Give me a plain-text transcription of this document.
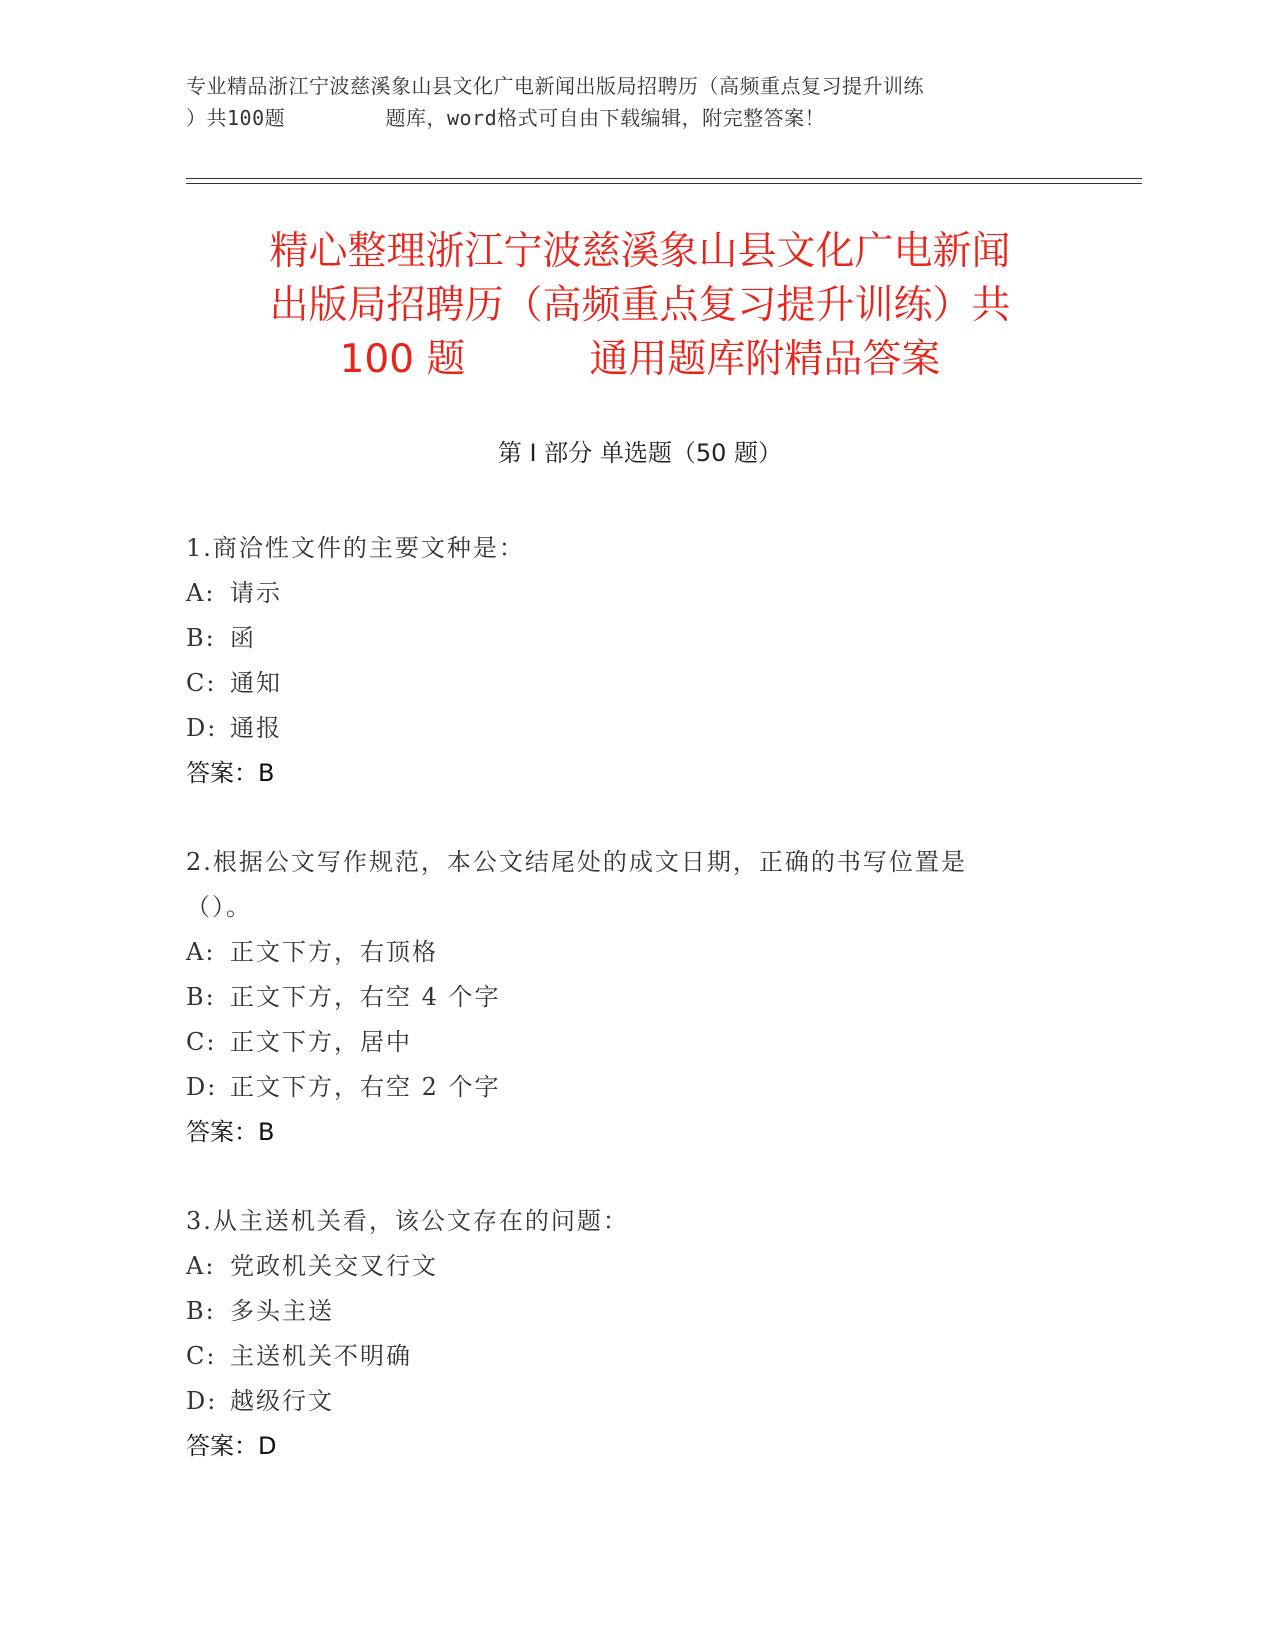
专业精品浙江宁波慈溪象山县文化广电新闻出版局招聘历（高频重点复习提升训练
）共100题        题库，word格式可自由下载编辑，附完整答案！
精心整理浙江宁波慈溪象山县文化广电新闻
出版局招聘历（高频重点复习提升训练）共
100 题          通用题库附精品答案
第 I 部分 单选题（50 题）
1.商洽性文件的主要文种是：
A: 请示
B: 函
C: 通知
D: 通报
答案：B
2.根据公文写作规范，本公文结尾处的成文日期，正确的书写位置是
（）。
A: 正文下方，右顶格
B: 正文下方，右空 4 个字
C: 正文下方，居中
D: 正文下方，右空 2 个字
答案：B
3.从主送机关看，该公文存在的问题：
A: 党政机关交叉行文
B: 多头主送
C: 主送机关不明确
D: 越级行文
答案：D
